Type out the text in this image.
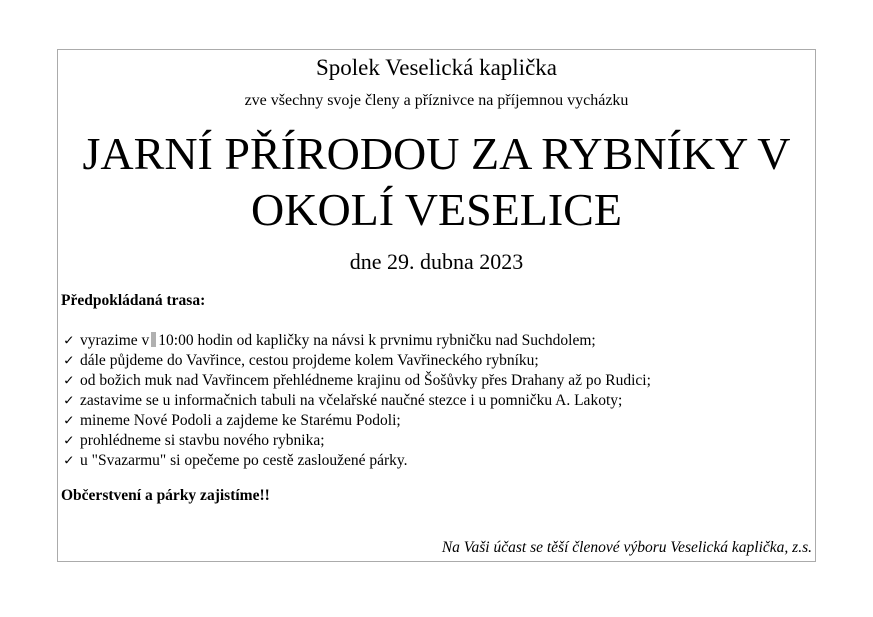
Spolek Veselická kaplička
zve všechny svoje členy a příznivce na příjemnou vycházku
JARNÍ PŘÍRODOU ZA RYBNÍKY V
OKOLÍ VESELICE
dne 29. dubna 2023
Předpokládaná trasa:
✓ vyrazime v 10:00 hodin od kapličky na návsi k prvnimu rybničku nad Suchdolem;
✓ dále půjdeme do Vavřince, cestou projdeme kolem Vavřineckého rybníku;
✓ od božich muk nad Vavřincem přehlédneme krajinu od Šošůvky přes Drahany až po Rudici;
✓ zastavime se u informačnich tabuli na včelařské naučné stezce i u pomničku A. Lakoty;
✓ mineme Nové Podoli a zajdeme ke Starému Podoli;
✓ prohlédneme si stavbu nového rybnika;
✓ u "Svazarmu" si opečeme po cestě zasloužené párky.
Občerstvení a párky zajistíme!!
Na Vaši účast se těší členové výboru Veselická kaplička, z.s.
